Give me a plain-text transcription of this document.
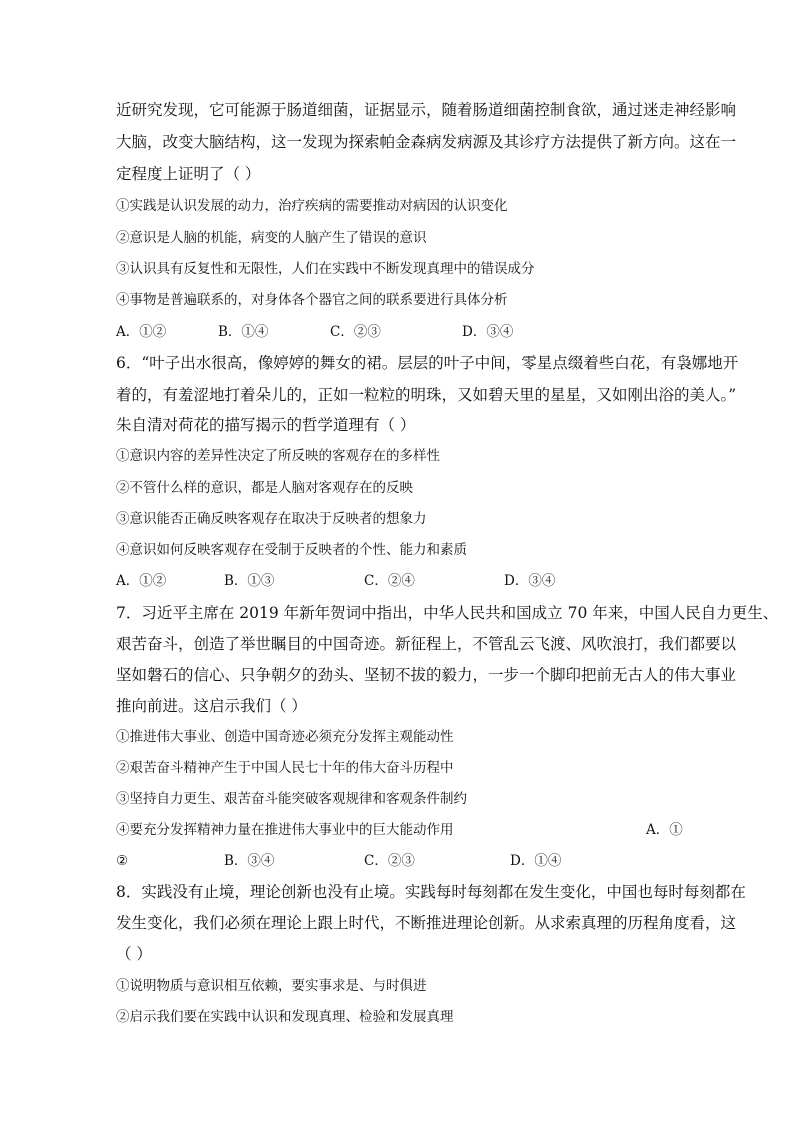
近研究发现，它可能源于肠道细菌，证据显示，随着肠道细菌控制食欲，通过迷走神经影响
大脑，改变大脑结构，这一发现为探索帕金森病发病源及其诊疗方法提供了新方向。这在一
定程度上证明了（ ）
①实践是认识发展的动力，治疗疾病的需要推动对病因的认识变化
②意识是人脑的机能，病变的人脑产生了错误的意识
③认识具有反复性和无限性，人们在实践中不断发现真理中的错误成分
④事物是普遍联系的，对身体各个器官之间的联系要进行具体分析
A．①②	B．①④	C．②③	D．③④
6．“叶子出水很高，像婷婷的舞女的裙。层层的叶子中间，零星点缀着些白花，有袅娜地开
着的，有羞涩地打着朵儿的，正如一粒粒的明珠，又如碧天里的星星，又如刚出浴的美人。”
朱自清对荷花的描写揭示的哲学道理有（ ）
①意识内容的差异性决定了所反映的客观存在的多样性
②不管什么样的意识，都是人脑对客观存在的反映
③意识能否正确反映客观存在取决于反映者的想象力
④意识如何反映客观存在受制于反映者的个性、能力和素质
A．①②	B．①③	C．②④	D．③④
7．习近平主席在 2019 年新年贺词中指出，中华人民共和国成立 70 年来，中国人民自力更生、
艰苦奋斗，创造了举世瞩目的中国奇迹。新征程上，不管乱云飞渡、风吹浪打，我们都要以
坚如磐石的信心、只争朝夕的劲头、坚韧不拔的毅力，一步一个脚印把前无古人的伟大事业
推向前进。这启示我们（ ）
①推进伟大事业、创造中国奇迹必须充分发挥主观能动性
②艰苦奋斗精神产生于中国人民七十年的伟大奋斗历程中
③坚持自力更生、艰苦奋斗能突破客观规律和客观条件制约
④要充分发挥精神力量在推进伟大事业中的巨大能动作用	A．①
②	B．③④	C．②③	D．①④
8．实践没有止境，理论创新也没有止境。实践每时每刻都在发生变化，中国也每时每刻都在
发生变化，我们必须在理论上跟上时代，不断推进理论创新。从求索真理的历程角度看，这
（ ）
①说明物质与意识相互依赖，要实事求是、与时俱进
②启示我们要在实践中认识和发现真理、检验和发展真理
